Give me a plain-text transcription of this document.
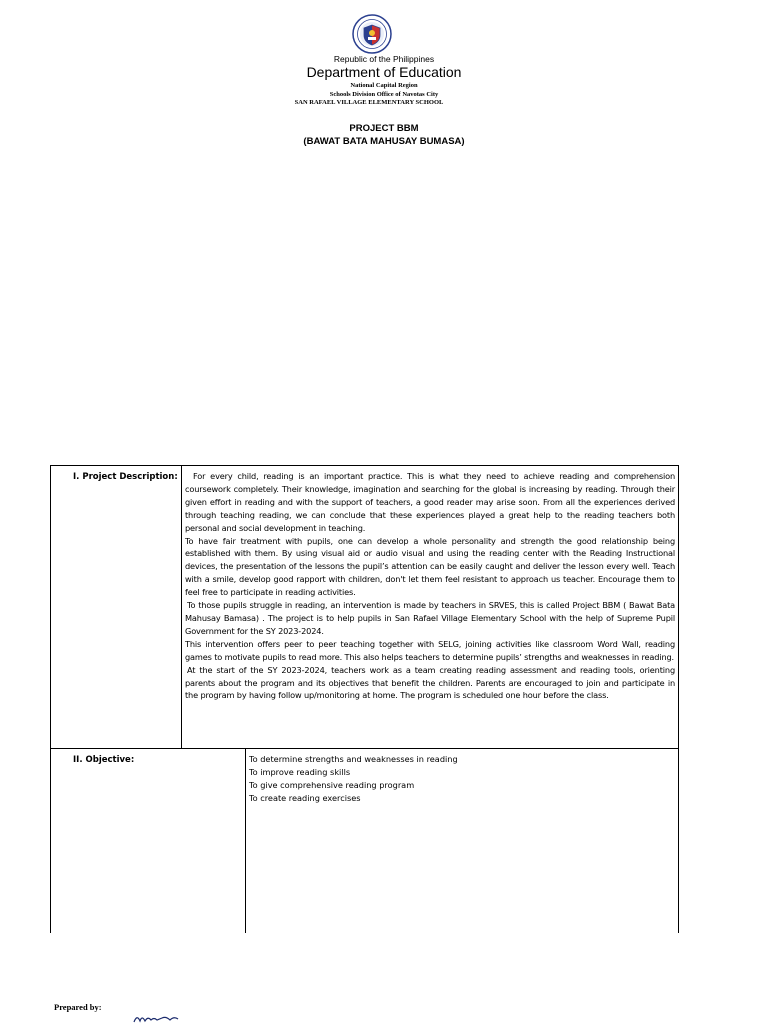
Republic of the Philippines
Department of Education
National Capital Region
Schools Division Office of Navotas City
SAN RAFAEL VILLAGE ELEMENTARY SCHOOL
PROJECT BBM
(BAWAT BATA MAHUSAY BUMASA)
I. Project Description:	For every child, reading is an important practice. This is what they need to achieve reading and comprehension coursework completely. Their knowledge, imagination and searching for the global is increasing by reading. Through their given effort in reading and with the support of teachers, a good reader may arise soon. From all the experiences derived through teaching reading, we can conclude that these experiences played a great help to the reading teachers both personal and social development in teaching.

To have fair treatment with pupils, one can develop a whole personality and strength the good relationship being established with them. By using visual aid or audio visual and using the reading center with the Reading Instructional devices, the presentation of the lessons the pupil’s attention can be easily caught and deliver the lesson every well. Teach with a smile, develop good rapport with children, don't let them feel resistant to approach us teacher. Encourage them to feel free to participate in reading activities.

To those pupils struggle in reading, an intervention is made by teachers in SRVES, this is called Project BBM ( Bawat Bata Mahusay Bamasa) . The project is to help pupils in San Rafael Village Elementary School with the help of Supreme Pupil Government for the SY 2023-2024.

This intervention offers peer to peer teaching together with SELG, joining activities like classroom Word Wall, reading games to motivate pupils to read more. This also helps teachers to determine pupils’ strengths and weaknesses in reading.

At the start of the SY 2023-2024, teachers work as a team creating reading assessment and reading tools, orienting parents about the program and its objectives that benefit the children. Parents are encouraged to join and participate in the program by having follow up/monitoring at home. The program is scheduled one hour before the class.

II. Objective:	To determine strengths and weaknesses in reading
To improve reading skills
To give comprehensive reading program
To create reading exercises
Prepared by:
